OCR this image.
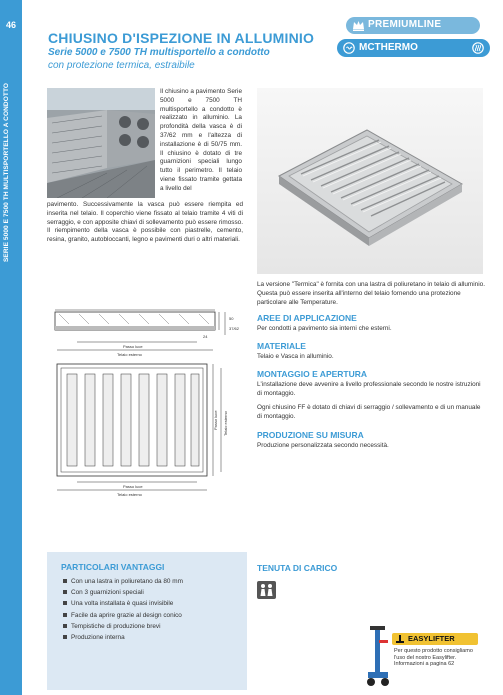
46
SERIE 5000 E 7500 TH MULTISPORTELLO A CONDOTTO
CHIUSINO D'ISPEZIONE IN ALLUMINIO
Serie 5000 e 7500 TH multisportello a condotto
con protezione termica, estraibile
PREMIUMLINE
MCTHERMO
Il chiusino a pavimento Serie 5000 e 7500 TH multisportello a condotto è realizzato in alluminio. La profondità della vasca è di 37/62 mm e l'altezza di installazione è di 50/75 mm. Il chiusino è dotato di tre guarnizioni speciali lungo tutto il perimetro. Il telaio viene fissato tramite gettata a livello del
pavimento. Successivamente la vasca può essere riempita ed inserita nel telaio. Il coperchio viene fissato al telaio tramite 4 viti di serraggio, e con apposite chiavi di sollevamento può essere rimosso. Il riempimento della vasca è possibile con piastrelle, cemento, resina, granito, autobloccanti, legno e pavimenti duri o altri materiali.
La versione "Termica" è fornita con una lastra di poliuretano in telaio di alluminio. Questa può essere inserita all'interno del telaio fornendo una protezione particolare alle Temperature.
AREE DI APPLICAZIONE
Per condotti a pavimento sia interni che esterni.
MATERIALE
Telaio e Vasca in alluminio.
MONTAGGIO E APERTURA
L'installazione deve avvenire a livello professionale secondo le nostre istruzioni di montaggio.
Ogni chiusino FF è dotato di chiavi di serraggio / sollevamento e di un manuale di montaggio.
PRODUZIONE SU MISURA
Produzione personalizzata secondo necessità.
24
50
37/62
Passo luce
Telaio esterno
Passo luce
Telaio esterno
Passo luce Telaio esterno
PARTICOLARI VANTAGGI
Con una lastra in poliuretano da 80 mm
Con 3 guarnizioni speciali
Una volta installata è quasi invisibile
Facile da aprire grazie al design conico
Tempistiche di produzione brevi
Produzione interna
TENUTA DI CARICO
EASYLIFTER
Per questo prodotto consigliamo l'uso del nostro Easylifter. Informazioni a pagina 62
